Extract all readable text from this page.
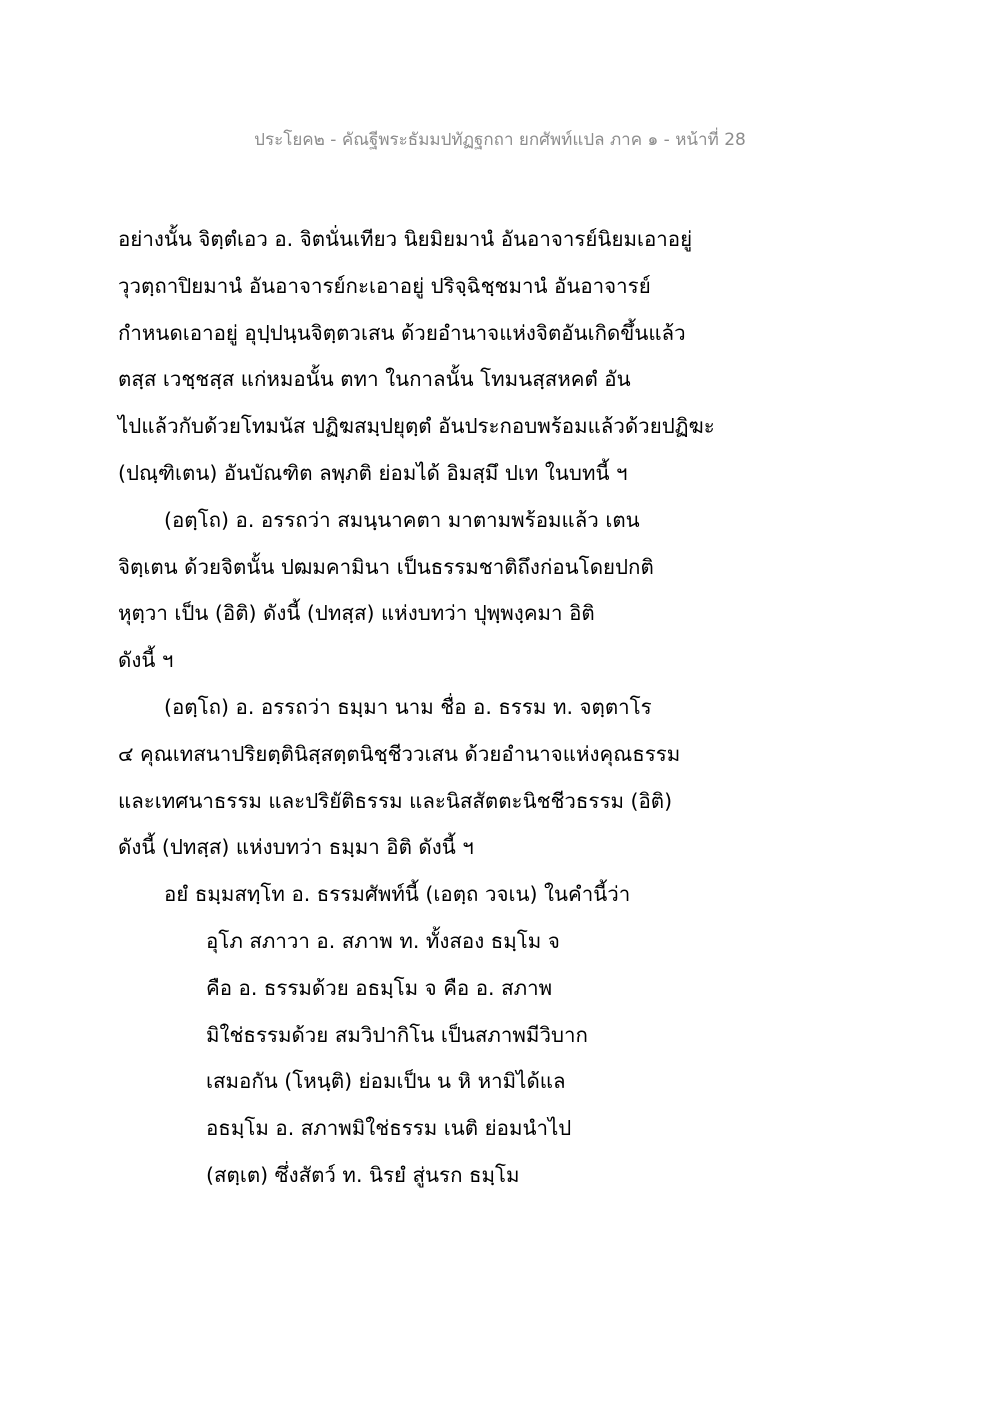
ประโยค๒ - คัณฐีพระธัมมปทัฏฐกถา ยกศัพท์แปล ภาค ๑ - หน้าที่ 28
อย่างนั้น จิตฺตํเอว อ. จิตนั่นเทียว นิยมิยมานํ อันอาจารย์นิยมเอาอยู่
วุวตฺถาปิยมานํ อันอาจารย์กะเอาอยู่ ปริจฺฉิชฺชมานํ อันอาจารย์
กำหนดเอาอยู่ อุปฺปนฺนจิตฺตวเสน ด้วยอำนาจแห่งจิตอันเกิดขึ้นแล้ว
ตสฺส เวชฺชสฺส แก่หมอนั้น ตทา ในกาลนั้น โทมนสฺสหคตํ อัน
ไปแล้วกับด้วยโทมนัส ปฏิฆสมฺปยุตฺตํ อันประกอบพร้อมแล้วด้วยปฏิฆะ
(ปณฺฑิเตน) อันบัณฑิต ลพฺภติ ย่อมได้ อิมสฺมึ ปเท ในบทนี้ ฯ
(อตฺโถ) อ. อรรถว่า สมนฺนาคตา มาตามพร้อมแล้ว เตน
จิตฺเตน ด้วยจิตนั้น ปฒมคามินา เป็นธรรมชาติถึงก่อนโดยปกติ
หุตฺวา เป็น (อิติ) ดังนี้ (ปทสฺส) แห่งบทว่า ปุพฺพงฺคมา อิติ
ดังนี้ ฯ
(อตฺโถ) อ. อรรถว่า ธมฺมา นาม ชื่อ อ. ธรรม ท. จตฺตาโร
๔ คุณเทสนาปริยตฺตินิสฺสตฺตนิชฺชีววเสน ด้วยอำนาจแห่งคุณธรรม
และเทศนาธรรม และปริยัติธรรม และนิสสัตตะนิชชีวธรรม (อิติ)
ดังนี้ (ปทสฺส) แห่งบทว่า ธมฺมา อิติ ดังนี้ ฯ
อยํ ธมฺมสทฺโท อ. ธรรมศัพท์นี้ (เอตฺถ วจเน) ในคำนี้ว่า
อุโภ สภาวา อ. สภาพ ท. ทั้งสอง ธมฺโม จ
คือ อ. ธรรมด้วย อธมฺโม จ คือ อ. สภาพ
มิใช่ธรรมด้วย สมวิปากิโน เป็นสภาพมีวิบาก
เสมอกัน (โหนฺติ) ย่อมเป็น น หิ หามิได้แล
อธมฺโม อ. สภาพมิใช่ธรรม เนติ ย่อมนำไป
(สตฺเต) ซึ่งสัตว์ ท. นิรยํ สู่นรก ธมฺโม
